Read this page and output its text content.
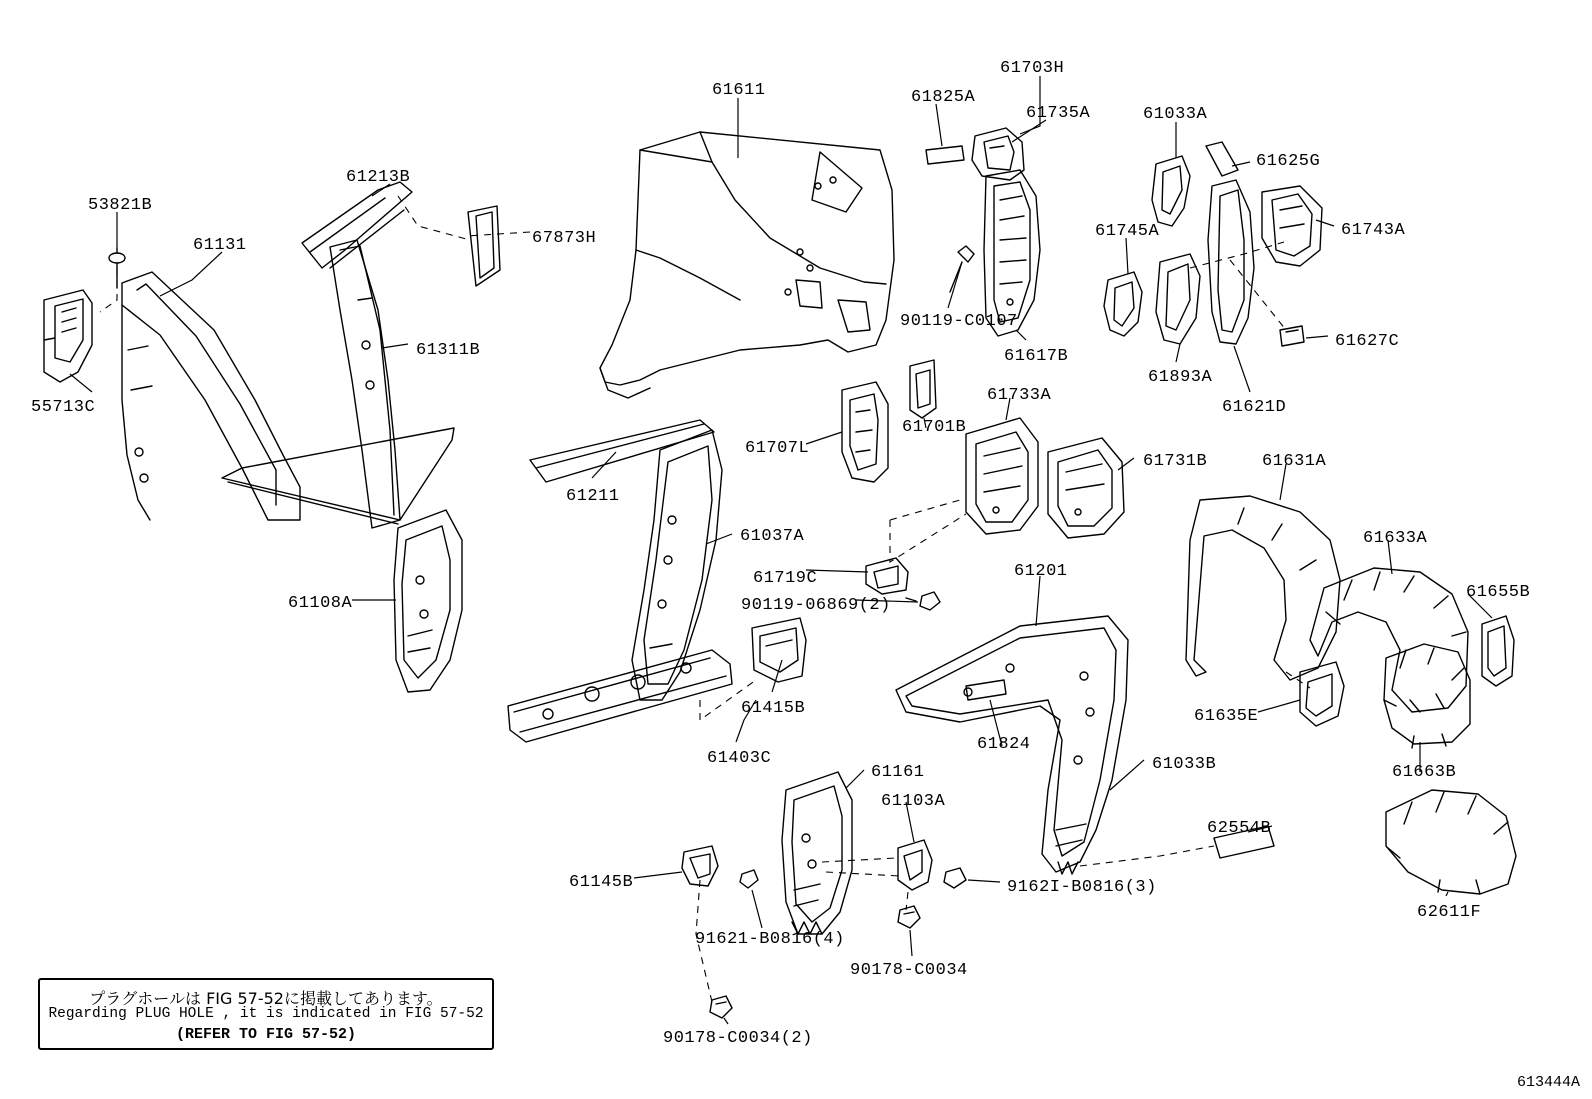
プラグホールは FIG 57-52に掲載してあります。
Regarding PLUG HOLE , it is indicated in FIG 57-52
(REFER TO FIG 57-52)
613444A
53821B
61131
61213B
67873H
61611	61825A
61703H
61735A	61033A
61625G
61743A
61745A
61311B
55713C
90119-C0107
61617B
61893A
61627C
61621D
61707L
61701B
61733A
61731B	61631A
61633A
61211
61037A
61108A
61719C
90119-06869(2)
61201
61655B
61415B
61403C
61824
61635E
61663B
61161	61033B
61103A
62554B
62611F
61145B	9162I-B0816(3)
91621-B0816(4)
90178-C0034
90178-C0034(2)
